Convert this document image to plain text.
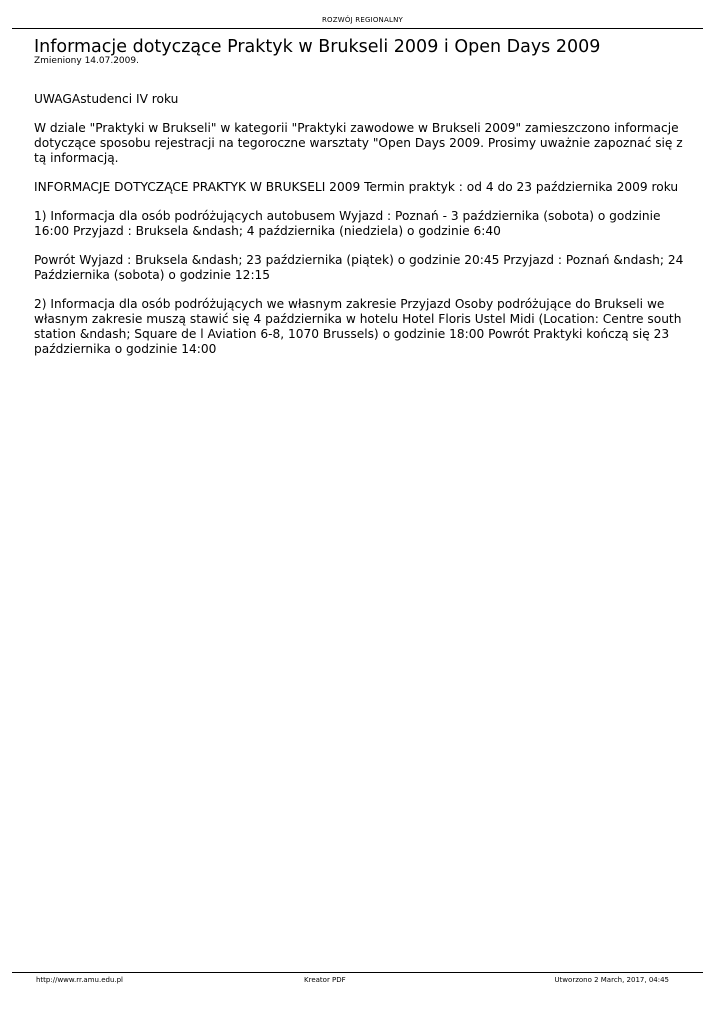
ROZWÓJ REGIONALNY
Informacje dotyczące Praktyk w Brukseli 2009 i Open Days 2009
Zmieniony 14.07.2009.

UWAGAstudenci IV roku

W dziale "Praktyki w Brukseli" w kategorii "Praktyki zawodowe w Brukseli 2009" zamieszczono informacje dotyczące sposobu rejestracji na tegoroczne warsztaty "Open Days 2009. Prosimy uważnie zapoznać się z tą informacją.

INFORMACJE DOTYCZĄCE PRAKTYK W BRUKSELI 2009 Termin praktyk : od 4 do 23 października 2009 roku

1) Informacja dla osób podróżujących autobusem Wyjazd : Poznań - 3 października (sobota) o godzinie 16:00 Przyjazd : Bruksela &ndash; 4 października (niedziela) o godzinie 6:40

Powrót Wyjazd : Bruksela &ndash; 23 października (piątek) o godzinie 20:45 Przyjazd : Poznań &ndash; 24 Października (sobota) o godzinie 12:15

2) Informacja dla osób podróżujących we własnym zakresie Przyjazd Osoby podróżujące do Brukseli we własnym zakresie muszą stawić się 4 października w hotelu Hotel Floris Ustel Midi (Location: Centre south station &ndash; Square de l Aviation 6-8, 1070 Brussels) o godzinie 18:00 Powrót Praktyki kończą się 23 października o godzinie 14:00

http://www.rr.amu.edu.pl	Kreator PDF	Utworzono 2 March, 2017, 04:45
